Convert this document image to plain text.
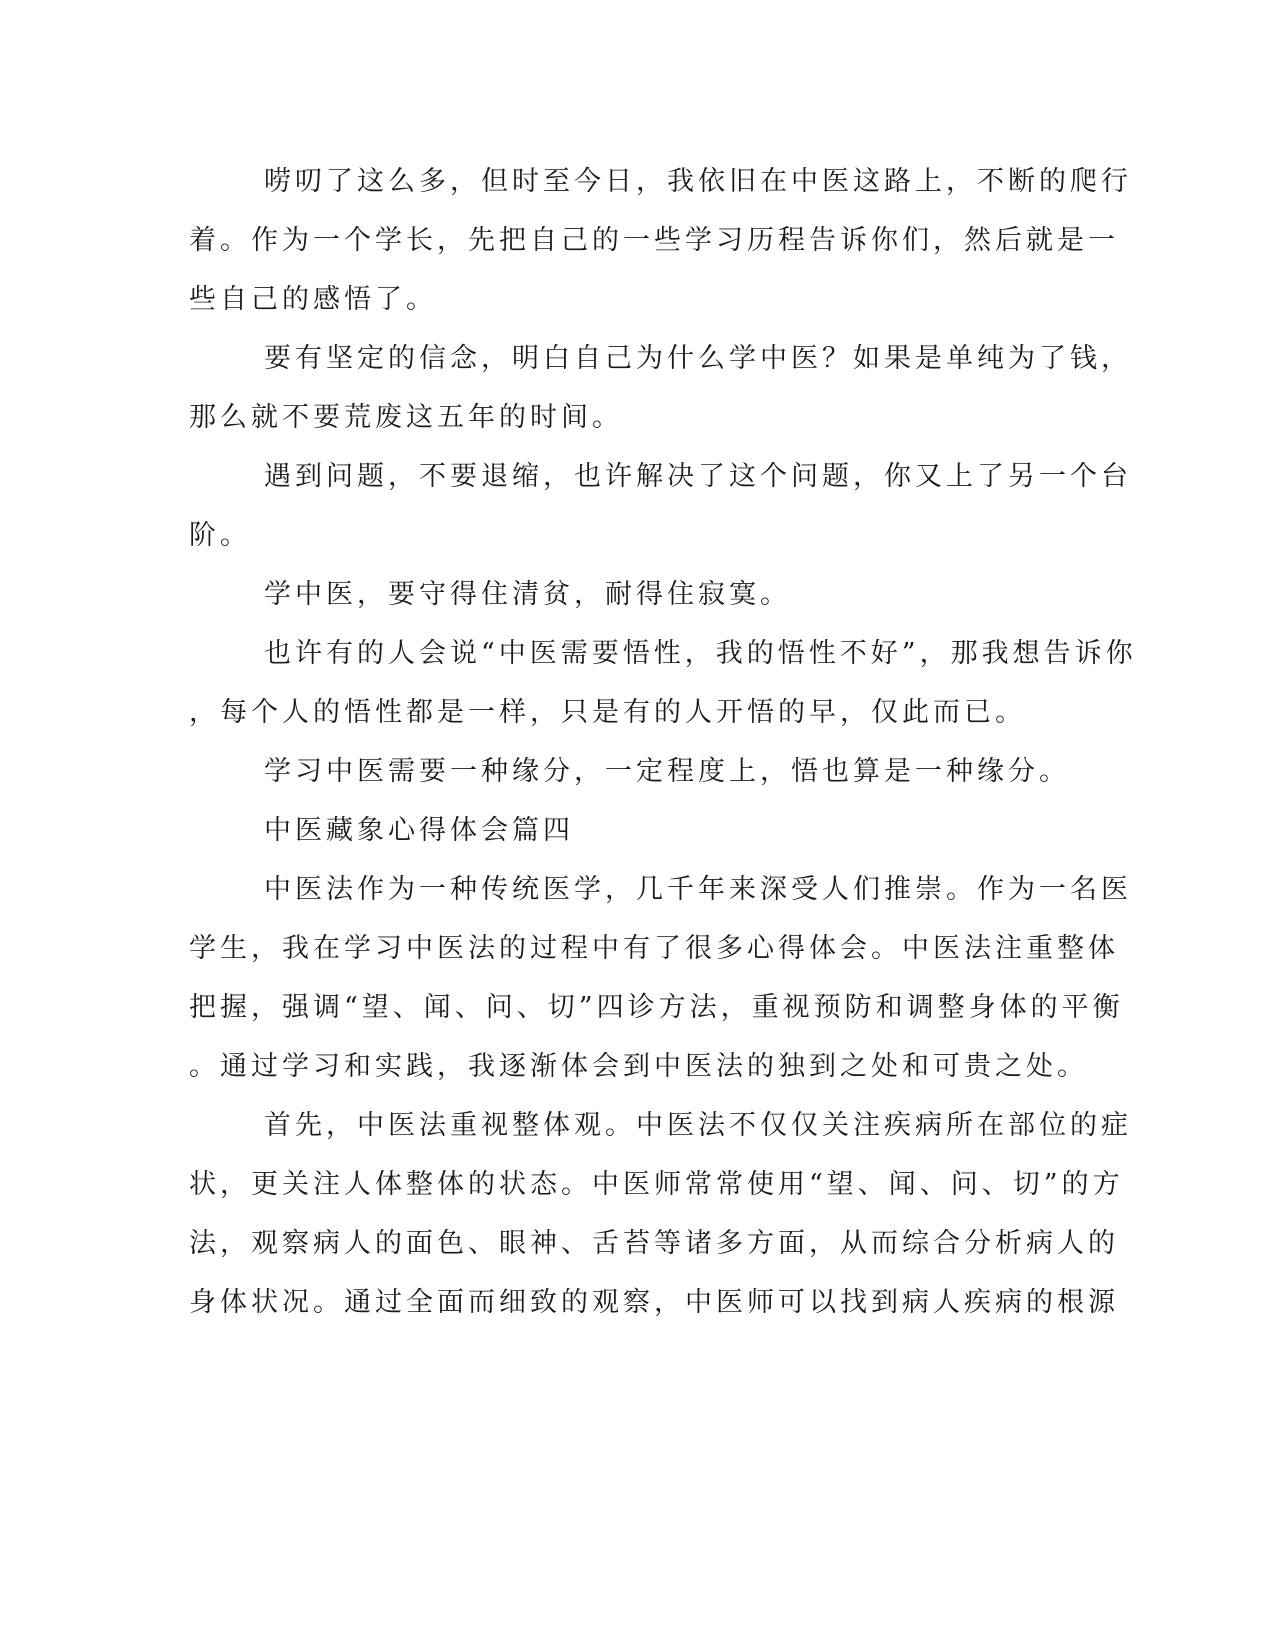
唠叨了这么多，但时至今日，我依旧在中医这路上，不断的爬行
着。作为一个学长，先把自己的一些学习历程告诉你们，然后就是一
些自己的感悟了。
要有坚定的信念，明白自己为什么学中医？如果是单纯为了钱，
那么就不要荒废这五年的时间。
遇到问题，不要退缩，也许解决了这个问题，你又上了另一个台
阶。
学中医，要守得住清贫，耐得住寂寞。
也许有的人会说“中医需要悟性，我的悟性不好”，那我想告诉你
，每个人的悟性都是一样，只是有的人开悟的早，仅此而已。
学习中医需要一种缘分，一定程度上，悟也算是一种缘分。
中医藏象心得体会篇四
中医法作为一种传统医学，几千年来深受人们推崇。作为一名医
学生，我在学习中医法的过程中有了很多心得体会。中医法注重整体
把握，强调“望、闻、问、切”四诊方法，重视预防和调整身体的平衡
。通过学习和实践，我逐渐体会到中医法的独到之处和可贵之处。
首先，中医法重视整体观。中医法不仅仅关注疾病所在部位的症
状，更关注人体整体的状态。中医师常常使用“望、闻、问、切”的方
法，观察病人的面色、眼神、舌苔等诸多方面，从而综合分析病人的
身体状况。通过全面而细致的观察，中医师可以找到病人疾病的根源
